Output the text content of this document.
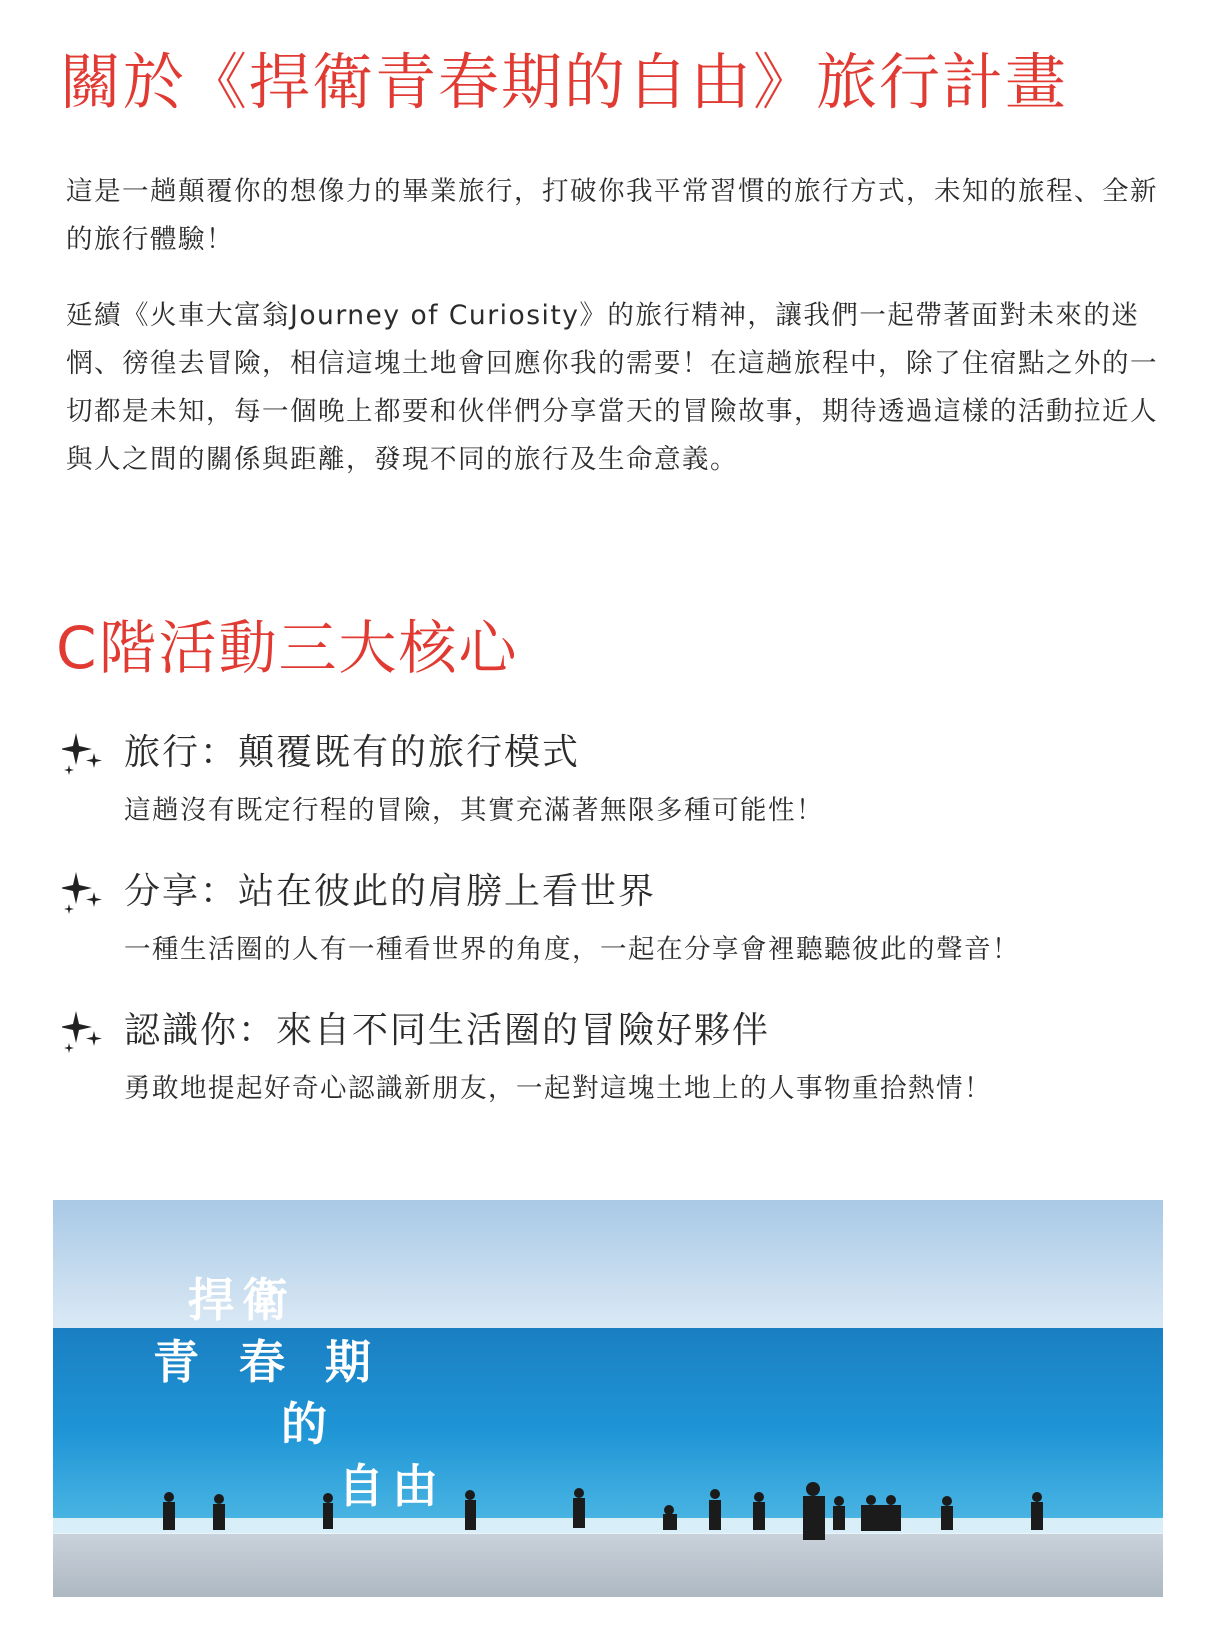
關於《捍衛青春期的自由》旅行計畫

這是一趟顛覆你的想像力的畢業旅行，打破你我平常習慣的旅行方式，未知的旅程、全新的旅行體驗！

延續《火車大富翁Journey of Curiosity》的旅行精神，讓我們一起帶著面對未來的迷惘、徬徨去冒險，相信這塊土地會回應你我的需要！在這趟旅程中，除了住宿點之外的一切都是未知，每一個晚上都要和伙伴們分享當天的冒險故事，期待透過這樣的活動拉近人與人之間的關係與距離，發現不同的旅行及生命意義。

C階活動三大核心

旅行：顛覆既有的旅行模式

這趟沒有既定行程的冒險，其實充滿著無限多種可能性！

分享：站在彼此的肩膀上看世界

一種生活圈的人有一種看世界的角度，一起在分享會裡聽聽彼此的聲音！

認識你：來自不同生活圈的冒險好夥伴

勇敢地提起好奇心認識新朋友，一起對這塊土地上的人事物重拾熱情！

捍衛
青春期
的
自由
